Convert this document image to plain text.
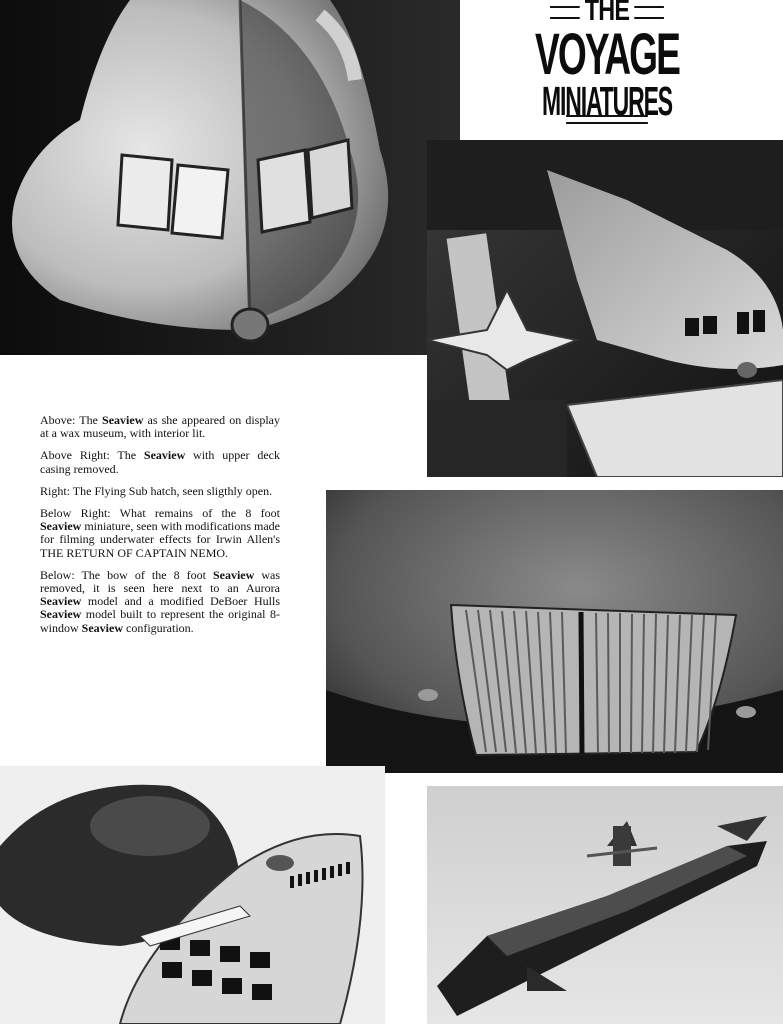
THE
VOYAGE
MINIATURES

Above: The Seaview as she appeared on display at a wax museum, with interior lit.

Above Right: The Seaview with upper deck casing removed.

Right: The Flying Sub hatch, seen sligthly open.

Below Right: What remains of the 8 foot Seaview miniature, seen with modifications made for filming underwater effects for Irwin Allen's THE RETURN OF CAPTAIN NEMO.

Below: The bow of the 8 foot Seaview was removed, it is seen here next to an Aurora Seaview model and a modified DeBoer Hulls Seaview model built to represent the original 8-window Seaview configuration.
